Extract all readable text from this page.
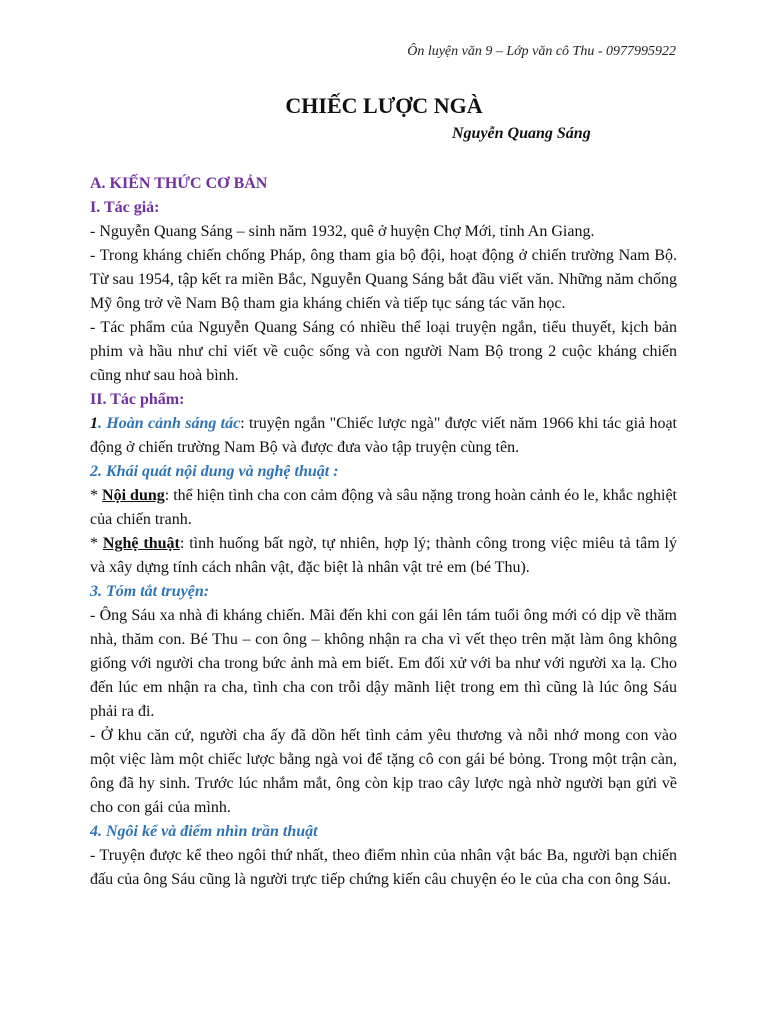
Ôn luyện văn 9 – Lớp văn cô Thu - 0977995922
CHIẾC LƯỢC NGÀ
Nguyễn Quang Sáng

A. KIẾN THỨC CƠ BẢN

I. Tác giả:

- Nguyễn Quang Sáng – sinh năm 1932, quê ở huyện Chợ Mới, tỉnh An Giang.

- Trong kháng chiến chống Pháp, ông tham gia bộ đội, hoạt động ở chiến trường Nam Bộ. Từ sau 1954, tập kết ra miền Bắc, Nguyễn Quang Sáng bắt đầu viết văn. Những năm chống Mỹ ông trở về Nam Bộ tham gia kháng chiến và tiếp tục sáng tác văn học.

- Tác phẩm của Nguyễn Quang Sáng có nhiều thể loại truyện ngắn, tiểu thuyết, kịch bản phim và hầu như chỉ viết về cuộc sống và con người Nam Bộ trong 2 cuộc kháng chiến cũng như sau hoà bình.

II. Tác phẩm:

1. Hoàn cảnh sáng tác: truyện ngắn "Chiếc lược ngà" được viết năm 1966 khi tác giả hoạt động ở chiến trường Nam Bộ và được đưa vào tập truyện cùng tên.

2. Khái quát nội dung và nghệ thuật :

* Nội dung: thể hiện tình cha con cảm động và sâu nặng trong hoàn cảnh éo le, khắc nghiệt của chiến tranh.

* Nghệ thuật: tình huống bất ngờ, tự nhiên, hợp lý; thành công trong việc miêu tả tâm lý và xây dựng tính cách nhân vật, đặc biệt là nhân vật trẻ em (bé Thu).

3. Tóm tắt truyện:

- Ông Sáu xa nhà đi kháng chiến. Mãi đến khi con gái lên tám tuổi ông mới có dịp về thăm nhà, thăm con. Bé Thu – con ông – không nhận ra cha vì vết thẹo trên mặt làm ông không giống với người cha trong bức ảnh mà em biết. Em đối xử với ba như với người xa lạ. Cho đến lúc em nhận ra cha, tình cha con trỗi dậy mãnh liệt trong em thì cũng là lúc ông Sáu phải ra đi.

- Ở khu căn cứ, người cha ấy đã dồn hết tình cảm yêu thương và nỗi nhớ mong con vào một việc làm một chiếc lược bằng ngà voi để tặng cô con gái bé bỏng. Trong một trận càn, ông đã hy sinh. Trước lúc nhắm mắt, ông còn kịp trao cây lược ngà nhờ người bạn gửi về cho con gái của mình.

4. Ngôi kể và điểm nhìn trần thuật

- Truyện được kể theo ngôi thứ nhất, theo điểm nhìn của nhân vật bác Ba, người bạn chiến đấu của ông Sáu cũng là người trực tiếp chứng kiến câu chuyện éo le của cha con ông Sáu.
